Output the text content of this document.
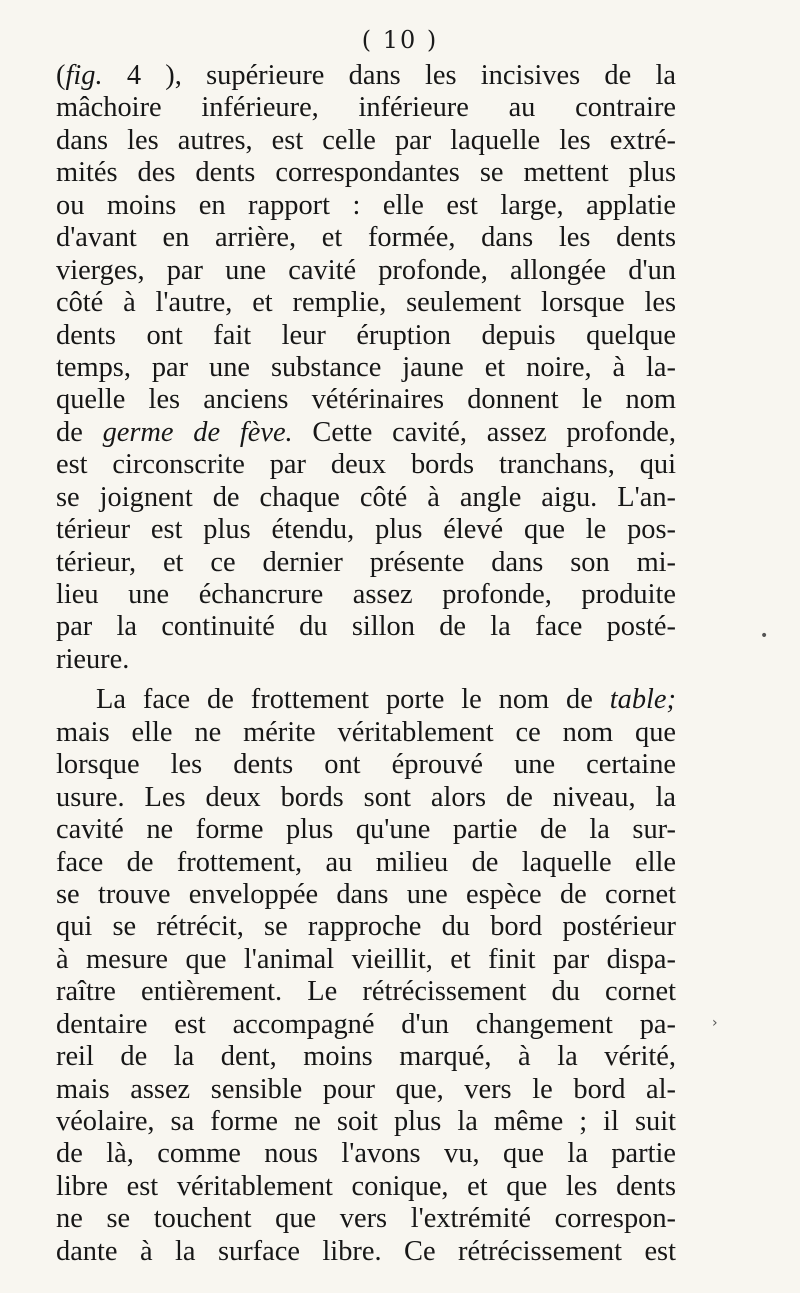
( 10 )
•
›
(fig. 4 ), supérieure dans les incisives de la
mâchoire inférieure, inférieure au contraire
dans les autres, est celle par laquelle les extré-
mités des dents correspondantes se mettent plus
ou moins en rapport : elle est large, applatie
d'avant en arrière, et formée, dans les dents
vierges, par une cavité profonde, allongée d'un
côté à l'autre, et remplie, seulement lorsque les
dents ont fait leur éruption depuis quelque
temps, par une substance jaune et noire, à la-
quelle les anciens vétérinaires donnent le nom
de germe de fève. Cette cavité, assez profonde,
est circonscrite par deux bords tranchans, qui
se joignent de chaque côté à angle aigu. L'an-
térieur est plus étendu, plus élevé que le pos-
térieur, et ce dernier présente dans son mi-
lieu une échancrure assez profonde, produite
par la continuité du sillon de la face posté-
rieure.
La face de frottement porte le nom de table;
mais elle ne mérite véritablement ce nom que
lorsque les dents ont éprouvé une certaine
usure. Les deux bords sont alors de niveau, la
cavité ne forme plus qu'une partie de la sur-
face de frottement, au milieu de laquelle elle
se trouve enveloppée dans une espèce de cornet
qui se rétrécit, se rapproche du bord postérieur
à mesure que l'animal vieillit, et finit par dispa-
raître entièrement. Le rétrécissement du cornet
dentaire est accompagné d'un changement pa-
reil de la dent, moins marqué, à la vérité,
mais assez sensible pour que, vers le bord al-
véolaire, sa forme ne soit plus la même ; il suit
de là, comme nous l'avons vu, que la partie
libre est véritablement conique, et que les dents
ne se touchent que vers l'extrémité correspon-
dante à la surface libre. Ce rétrécissement est
